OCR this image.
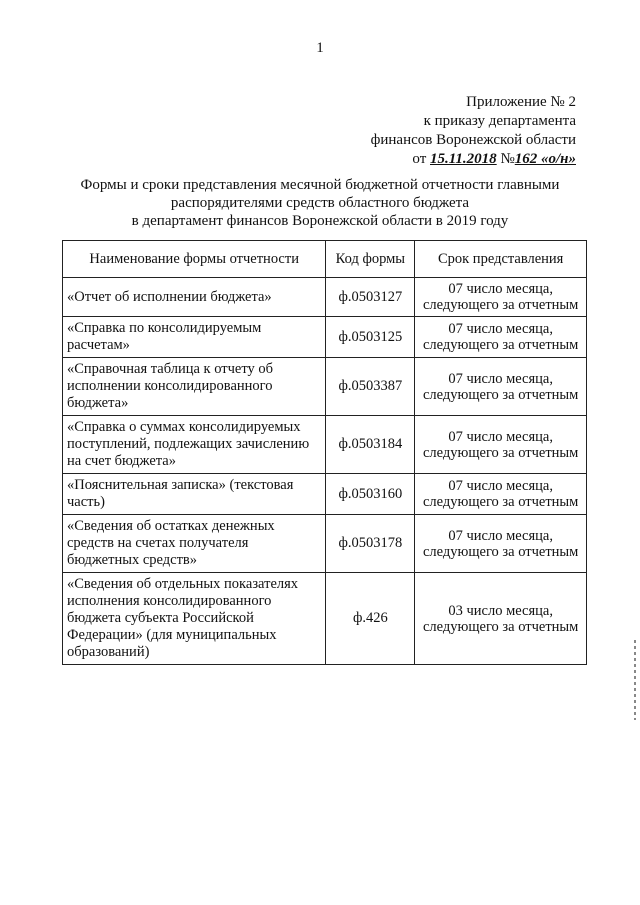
1
Приложение № 2
к приказу департамента
финансов Воронежской области
от 15.11.2018 №162 «о/н»
Формы и сроки представления месячной бюджетной отчетности главными
распорядителями средств областного бюджета
в департамент финансов Воронежской области в 2019 году
Наименование формы отчетности	Код формы	Срок представления
«Отчет об исполнении бюджета»	ф.0503127	07 число месяца,
следующего за отчетным

«Справка по консолидируемым расчетам»	ф.0503125	07 число месяца,
следующего за отчетным

«Справочная таблица к отчету об исполнении консолидированного бюджета»	ф.0503387	07 число месяца,
следующего за отчетным

«Справка о суммах консолидируемых поступлений, подлежащих зачислению на счет бюджета»	ф.0503184	07 число месяца,
следующего за отчетным

«Пояснительная записка» (текстовая часть)	ф.0503160	07 число месяца,
следующего за отчетным

«Сведения об остатках денежных средств на счетах получателя бюджетных средств»	ф.0503178	07 число месяца,
следующего за отчетным

«Сведения об отдельных показателях исполнения консолидированного бюджета субъекта Российской Федерации» (для муниципальных образований)	ф.426	03 число месяца,
следующего за отчетным
